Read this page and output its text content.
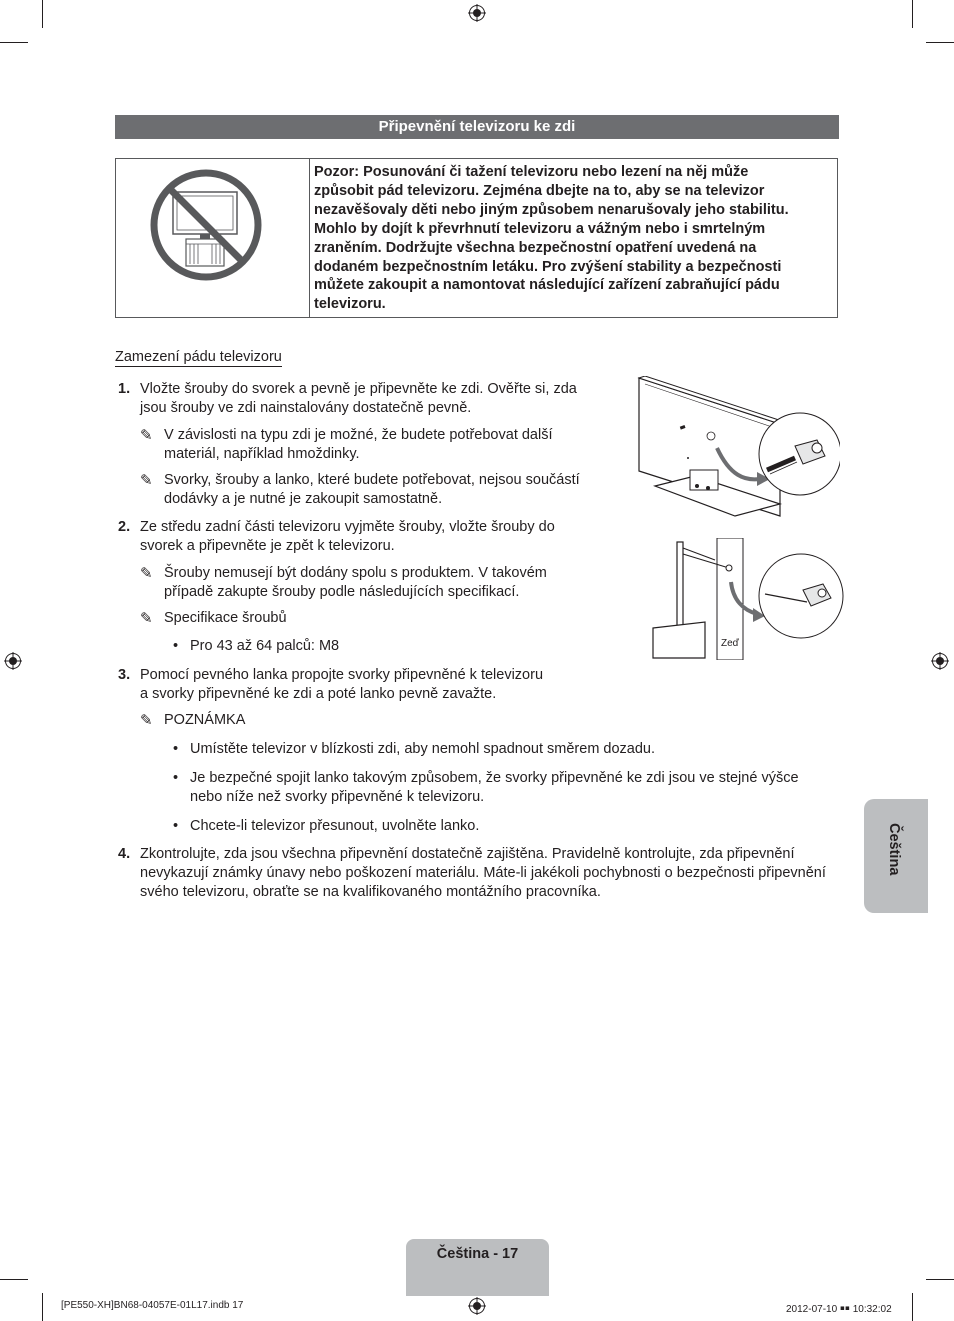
Připevnění televizoru ke zdi
Pozor: Posunování či tažení televizoru nebo lezení na něj může
způsobit pád televizoru. Zejména dbejte na to, aby se na televizor
nezavěšovaly děti nebo jiným způsobem nenarušovaly jeho stabilitu.
Mohlo by dojít k převrhnutí televizoru a vážným nebo i smrtelným
zraněním. Dodržujte všechna bezpečnostní opatření uvedená na
dodaném bezpečnostním letáku. Pro zvýšení stability a bezpečnosti
můžete zakoupit a namontovat následující zařízení zabraňující pádu
televizoru.
Zamezení pádu televizoru
1. Vložte šrouby do svorek a pevně je připevněte ke zdi. Ověřte si, zda
jsou šrouby ve zdi nainstalovány dostatečně pevně.
✎ V závislosti na typu zdi je možné, že budete potřebovat další
materiál, například hmoždinky.
✎ Svorky, šrouby a lanko, které budete potřebovat, nejsou součástí
dodávky a je nutné je zakoupit samostatně.
2. Ze středu zadní části televizoru vyjměte šrouby, vložte šrouby do
svorek a připevněte je zpět k televizoru.
✎ Šrouby nemusejí být dodány spolu s produktem. V takovém
případě zakupte šrouby podle následujících specifikací.
✎ Specifikace šroubů
• Pro 43 až 64 palců: M8
3. Pomocí pevného lanka propojte svorky připevněné k televizoru
a svorky připevněné ke zdi a poté lanko pevně zavažte.
✎ POZNÁMKA
• Umístěte televizor v blízkosti zdi, aby nemohl spadnout směrem dozadu.
• Je bezpečné spojit lanko takovým způsobem, že svorky připevněné ke zdi jsou ve stejné výšce
nebo níže než svorky připevněné k televizoru.
• Chcete-li televizor přesunout, uvolněte lanko.
4. Zkontrolujte, zda jsou všechna připevnění dostatečně zajištěna. Pravidelně kontrolujte, zda připevnění
nevykazují známky únavy nebo poškození materiálu. Máte-li jakékoli pochybnosti o bezpečnosti připevnění
svého televizoru, obraťte se na kvalifikovaného montážního pracovníka.
Zeď
Čeština
Čeština - 17
[PE550-XH]BN68-04057E-01L17.indb 17	2012-07-10 ￭￭ 10:32:02
